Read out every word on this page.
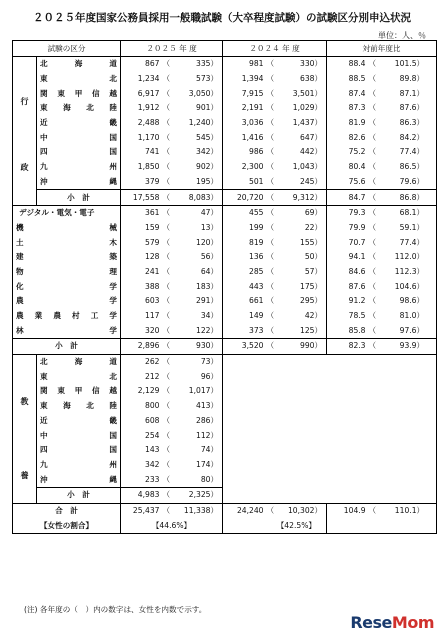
２０２５年度国家公務員採用一般職試験（大卒程度試験）の試験区分別申込状況
単位：人、％
試験の区分		２０２５ 年 度		２０２４ 年 度		対前年度比	

行
政	北海道	867	（ 335）	981	（ 330）	88.4	（ 101.5）
	東北	1,234	（ 573）	1,394	（ 638）	88.5	（ 89.8）
	関東甲信越	6,917	（ 3,050）	7,915	（ 3,501）	87.4	（ 87.1）
	東海北陸	1,912	（ 901）	2,191	（ 1,029）	87.3	（ 87.6）
	近畿	2,488	（ 1,240）	3,036	（ 1,437）	81.9	（ 86.3）
	中国	1,170	（ 545）	1,416	（ 647）	82.6	（ 84.2）
	四国	741	（ 342）	986	（ 442）	75.2	（ 77.4）
	九州	1,850	（ 902）	2,300	（ 1,043）	80.4	（ 86.5）
	沖縄	379	（ 195）	501	（ 245）	75.6	（ 79.6）
	小　計	17,558	（ 8,083）	20,720	（ 9,312）	84.7	（ 86.8）
デジタル・電気・電子		361	（ 47）	455	（ 69）	79.3	（ 68.1）
機械		159	（ 13）	199	（ 22）	79.9	（ 59.1）
土木		579	（ 120）	819	（ 155）	70.7	（ 77.4）
建築		128	（ 56）	136	（ 50）	94.1	（ 112.0）
物理		241	（ 64）	285	（ 57）	84.6	（ 112.3）
化学		388	（ 183）	443	（ 175）	87.6	（ 104.6）
農学		603	（ 291）	661	（ 295）	91.2	（ 98.6）
農業農村工学		117	（ 34）	149	（ 42）	78.5	（ 81.0）
林学		320	（ 122）	373	（ 125）	85.8	（ 97.6）
小　計		2,896	（ 930）	3,520	（ 990）	82.3	（ 93.9）

教
養	北海道	262	（ 73）				
	東北	212	（ 96）				
	関東甲信越	2,129	（ 1,017）				
	東海北陸	800	（ 413）				
	近畿	608	（ 286）				
	中国	254	（ 112）				
	四国	143	（ 74）				
	九州	342	（ 174）				
	沖縄	233	（ 80）				
	小　計	4,983	（ 2,325）				
合　計		25,437	（ 11,338）	24,240	（ 10,302）	104.9	（ 110.1）
【女性の割合】		【44.6%】		【42.5%】			
(注) 各年度の（　）内の数字は、女性を内数で示す。
ReseMom
